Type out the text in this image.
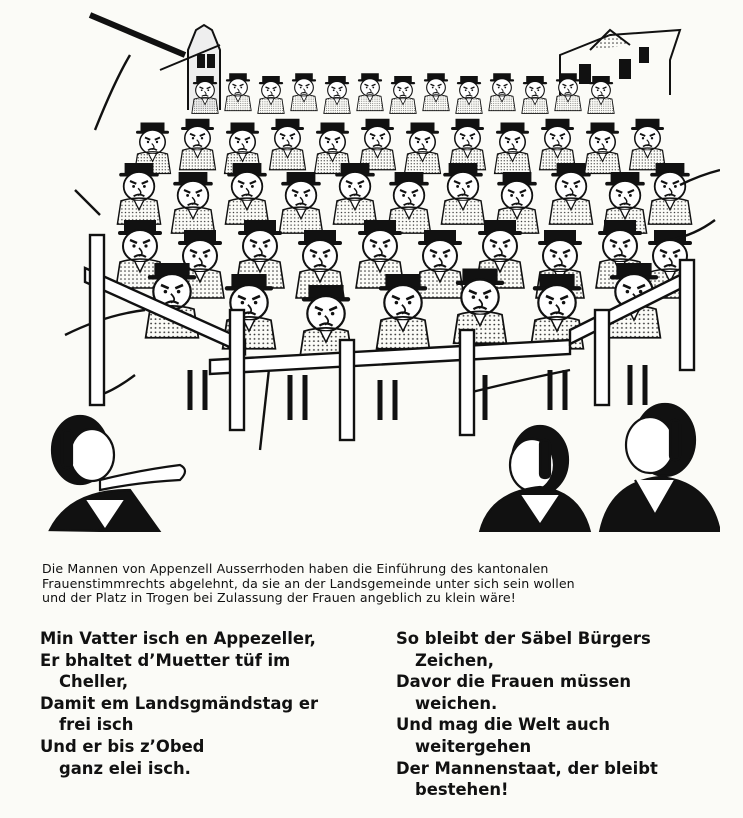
Die Mannen von Appenzell Ausserrhoden haben die Einführung des kantonalen
Frauenstimmrechts abgelehnt, da sie an der Landsgemeinde unter sich sein wollen
und der Platz in Trogen bei Zulassung der Frauen angeblich zu klein wäre!

Min Vatter isch en Appezeller,
Er bhaltet d’Muetter tüf im
Cheller,
Damit em Landsgmändstag er
frei isch
Und er bis z’Obed
ganz elei isch.
So bleibt der Säbel Bürgers
Zeichen,
Davor die Frauen müssen
weichen.
Und mag die Welt auch
weitergehen
Der Mannenstaat, der bleibt
bestehen!
